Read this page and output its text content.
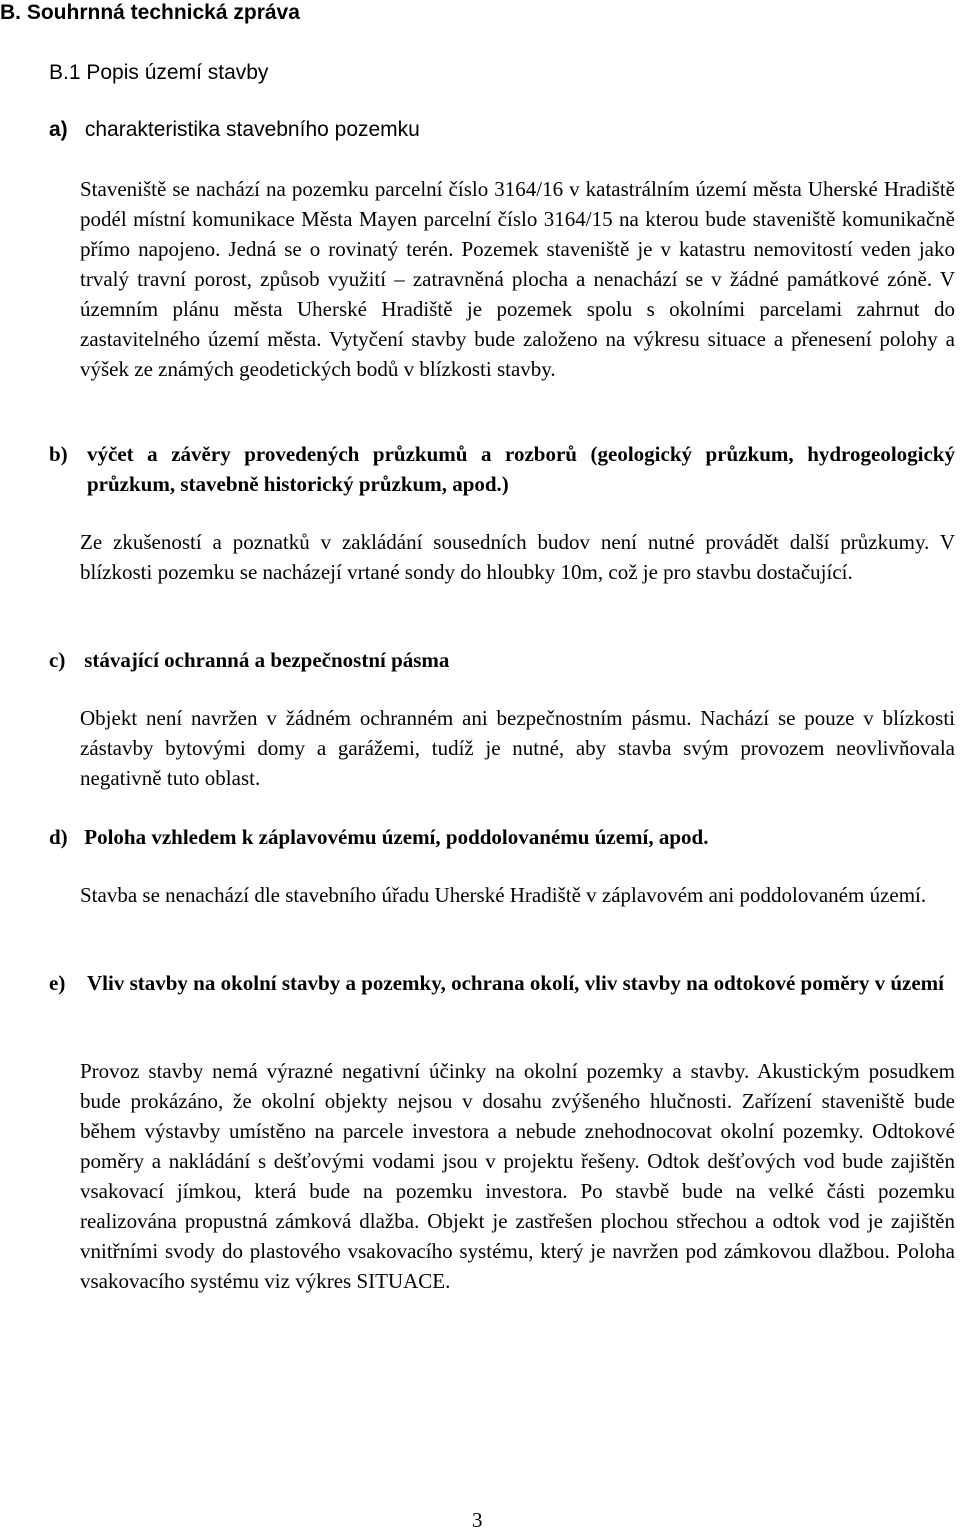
B. Souhrnná technická zpráva
B.1 Popis území stavby
a) charakteristika stavebního pozemku

Staveniště se nachází na pozemku parcelní číslo 3164/16 v katastrálním území města Uherské Hradiště podél místní komunikace Města Mayen parcelní číslo 3164/15 na kterou bude staveniště komunikačně přímo napojeno. Jedná se o rovinatý terén. Pozemek staveniště je v katastru nemovitostí veden jako trvalý travní porost, způsob využití – zatravněná plocha a nenachází se v žádné památkové zóně. V územním plánu města Uherské Hradiště je pozemek spolu s okolními parcelami zahrnut do zastavitelného území města. Vytyčení stavby bude založeno na výkresu situace a přenesení polohy a výšek ze známých geodetických bodů v blízkosti stavby.

b) výčet a závěry provedených průzkumů a rozborů (geologický průzkum, hydrogeologický průzkum, stavebně historický průzkum, apod.)

Ze zkušeností a poznatků v zakládání sousedních budov není nutné provádět další průzkumy. V blízkosti pozemku se nacházejí vrtané sondy do hloubky 10m, což je pro stavbu dostačující.

c) stávající ochranná a bezpečnostní pásma

Objekt není navržen v žádném ochranném ani bezpečnostním pásmu. Nachází se pouze v blízkosti zástavby bytovými domy a garážemi, tudíž je nutné, aby stavba svým provozem neovlivňovala negativně tuto oblast.

d) Poloha vzhledem k záplavovému území, poddolovanému území, apod.

Stavba se nenachází dle stavebního úřadu Uherské Hradiště v záplavovém ani poddolovaném území.

e) Vliv stavby na okolní stavby a pozemky, ochrana okolí, vliv stavby na odtokové poměry v území

Provoz stavby nemá výrazné negativní účinky na okolní pozemky a stavby. Akustickým posudkem bude prokázáno, že okolní objekty nejsou v dosahu zvýšeného hlučnosti. Zařízení staveniště bude během výstavby umístěno na parcele investora a nebude znehodnocovat okolní pozemky. Odtokové poměry a nakládání s dešťovými vodami jsou v projektu řešeny. Odtok dešťových vod bude zajištěn vsakovací jímkou, která bude na pozemku investora. Po stavbě bude na velké části pozemku realizována propustná zámková dlažba. Objekt je zastřešen plochou střechou a odtok vod je zajištěn vnitřními svody do plastového vsakovacího systému, který je navržen pod zámkovou dlažbou. Poloha vsakovacího systému viz výkres SITUACE.

3
